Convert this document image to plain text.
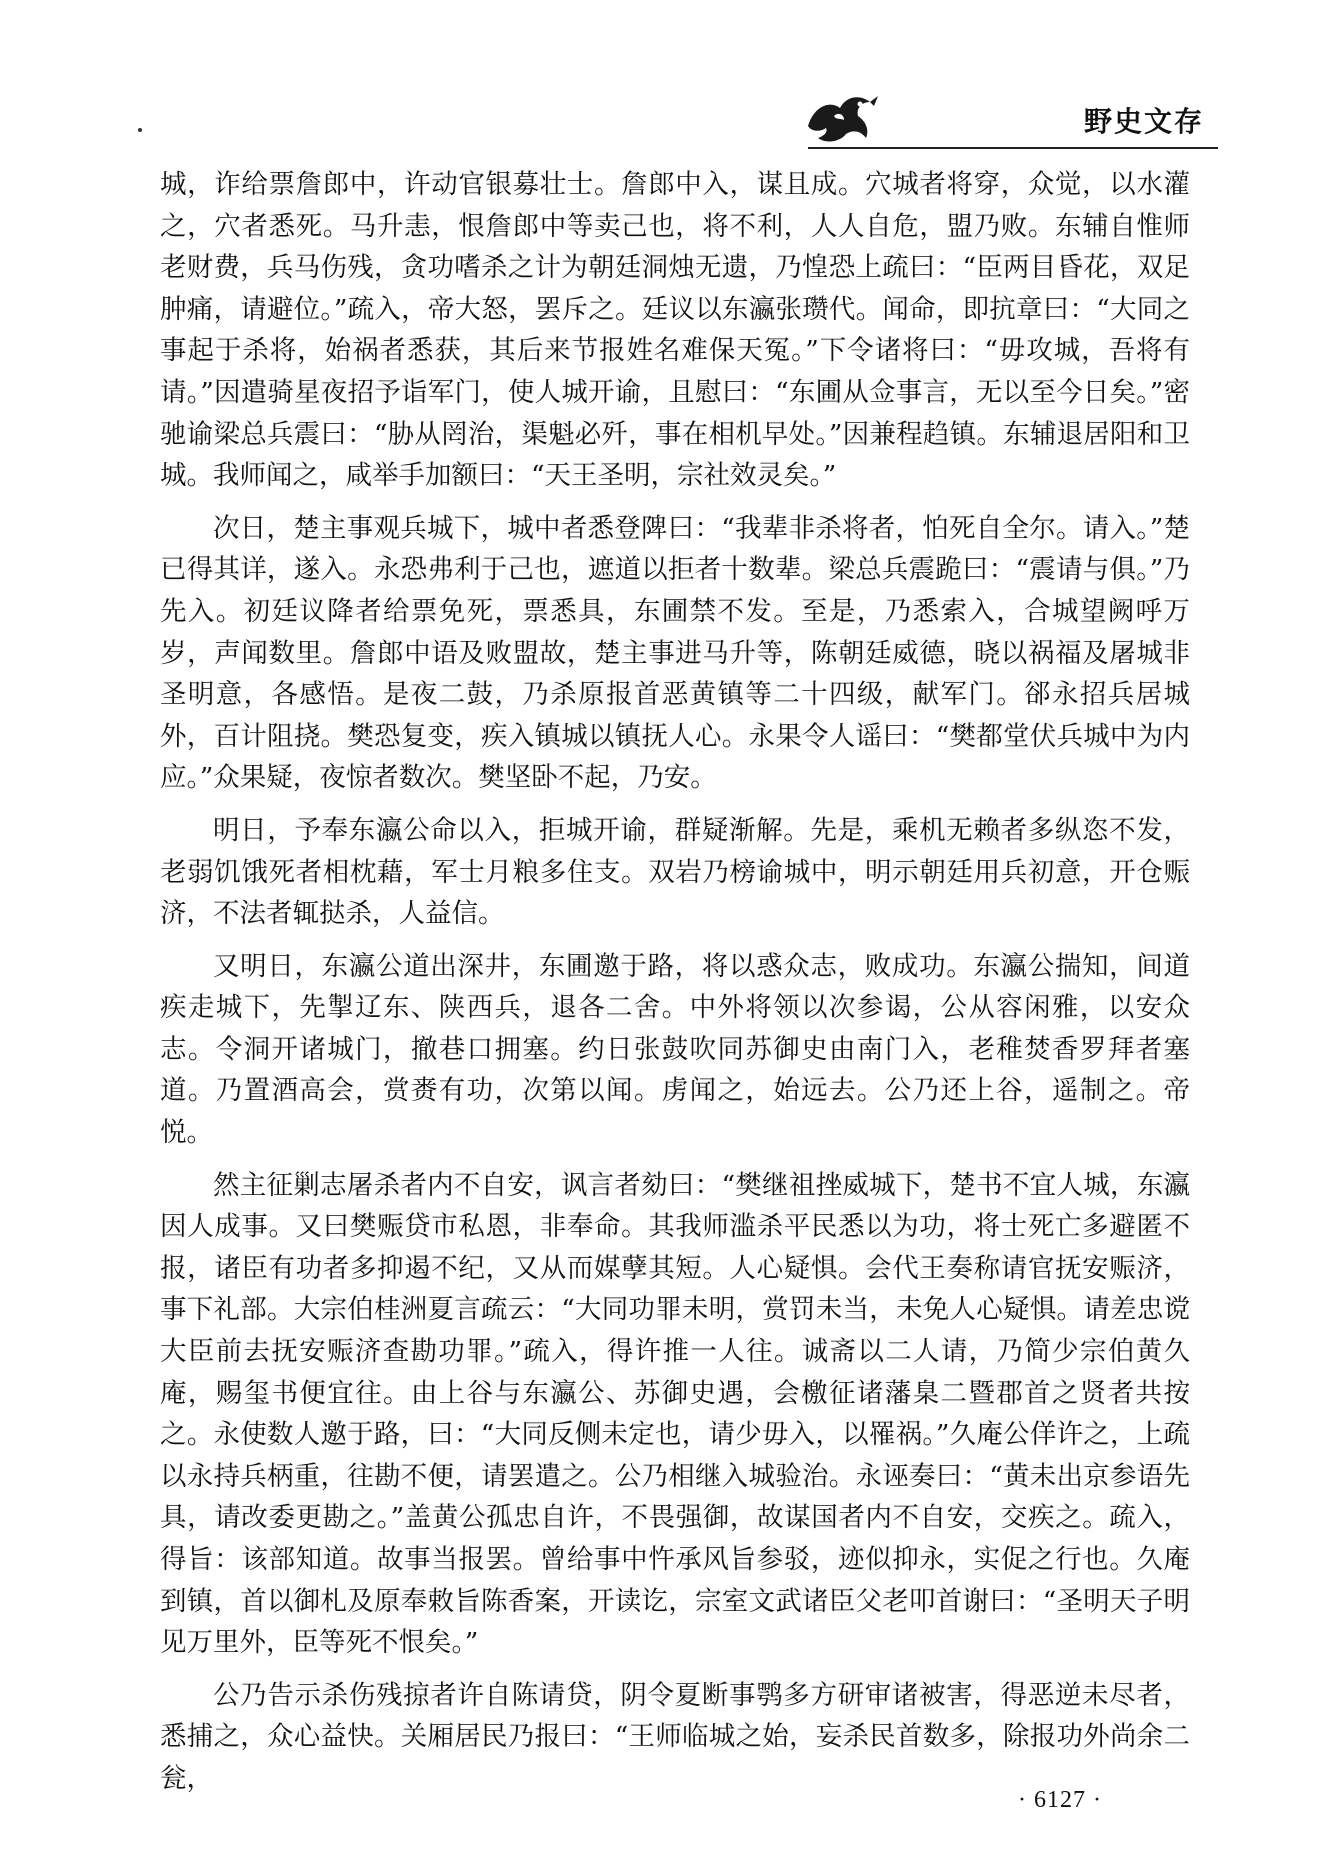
野史文存

城，诈给票詹郎中，许动官银募壮士。詹郎中入，谋且成。穴城者将穿，众觉，以水灌之，穴者悉死。马升恚，恨詹郎中等卖己也，将不利，人人自危，盟乃败。东辅自惟师老财费，兵马伤残，贪功嗜杀之计为朝廷洞烛无遗，乃惶恐上疏曰：“臣两目昏花，双足肿痛，请避位。”疏入，帝大怒，罢斥之。廷议以东瀛张瓒代。闻命，即抗章曰：“大同之事起于杀将，始祸者悉获，其后来节报姓名难保天冤。”下令诸将曰：“毋攻城，吾将有请。”因遣骑星夜招予诣军门，使人城开谕，且慰曰：“东圃从佥事言，无以至今日矣。”密驰谕梁总兵震曰：“胁从罔治，渠魁必歼，事在相机早处。”因兼程趋镇。东辅退居阳和卫城。我师闻之，咸举手加额曰：“天王圣明，宗社效灵矣。”

次日，楚主事观兵城下，城中者悉登陴曰：“我辈非杀将者，怕死自全尔。请入。”楚已得其详，遂入。永恐弗利于己也，遮道以拒者十数辈。梁总兵震跪曰：“震请与俱。”乃先入。初廷议降者给票免死，票悉具，东圃禁不发。至是，乃悉索入，合城望阙呼万岁，声闻数里。詹郎中语及败盟故，楚主事进马升等，陈朝廷威德，晓以祸福及屠城非圣明意，各感悟。是夜二鼓，乃杀原报首恶黄镇等二十四级，献军门。郤永招兵居城外，百计阻挠。樊恐复变，疾入镇城以镇抚人心。永果令人谣曰：“樊都堂伏兵城中为内应。”众果疑，夜惊者数次。樊坚卧不起，乃安。

明日，予奉东瀛公命以入，拒城开谕，群疑渐解。先是，乘机无赖者多纵恣不发，老弱饥饿死者相枕藉，军士月粮多住支。双岩乃榜谕城中，明示朝廷用兵初意，开仓赈济，不法者辄挞杀，人益信。

又明日，东瀛公道出深井，东圃邀于路，将以惑众志，败成功。东瀛公揣知，间道疾走城下，先掣辽东、陕西兵，退各二舍。中外将领以次参谒，公从容闲雅，以安众志。令洞开诸城门，撤巷口拥塞。约日张鼓吹同苏御史由南门入，老稚焚香罗拜者塞道。乃置酒高会，赏赉有功，次第以闻。虏闻之，始远去。公乃还上谷，遥制之。帝悦。

然主征剿志屠杀者内不自安，讽言者劾曰：“樊继祖挫威城下，楚书不宜人城，东瀛因人成事。又曰樊赈贷市私恩，非奉命。其我师滥杀平民悉以为功，将士死亡多避匿不报，诸臣有功者多抑遏不纪，又从而媒孽其短。人心疑惧。会代王奏称请官抚安赈济，事下礼部。大宗伯桂洲夏言疏云：“大同功罪未明，赏罚未当，未免人心疑惧。请差忠谠大臣前去抚安赈济查勘功罪。”疏入，得许推一人往。诚斋以二人请，乃简少宗伯黄久庵，赐玺书便宜往。由上谷与东瀛公、苏御史遇，会檄征诸藩臬二暨郡首之贤者共按之。永使数人邀于路，曰：“大同反侧未定也，请少毋入，以罹祸。”久庵公佯许之，上疏以永持兵柄重，往勘不便，请罢遣之。公乃相继入城验治。永诬奏曰：“黄未出京参语先具，请改委更勘之。”盖黄公孤忠自许，不畏强御，故谋国者内不自安，交疾之。疏入，得旨：该部知道。故事当报罢。曾给事中忤承风旨参驳，迹似抑永，实促之行也。久庵到镇，首以御札及原奉敕旨陈香案，开读讫，宗室文武诸臣父老叩首谢曰：“圣明天子明见万里外，臣等死不恨矣。”

公乃告示杀伤残掠者许自陈请贷，阴令夏断事鹗多方研审诸被害，得恶逆未尽者，悉捕之，众心益快。关厢居民乃报曰：“王师临城之始，妄杀民首数多，除报功外尚余二瓮，

· 6127 ·
